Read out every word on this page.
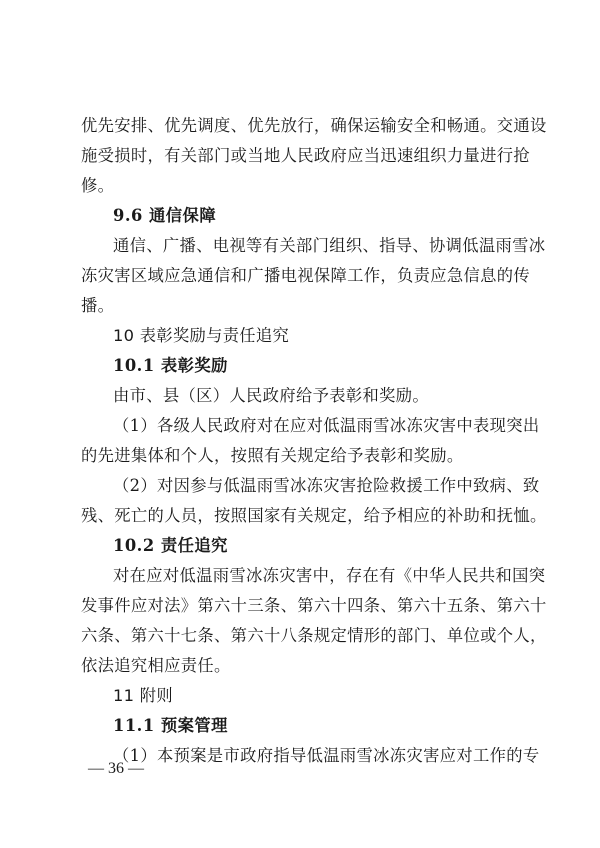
优先安排、优先调度、优先放行，确保运输安全和畅通。交通设
施受损时，有关部门或当地人民政府应当迅速组织力量进行抢
修。
9.6 通信保障
通信、广播、电视等有关部门组织、指导、协调低温雨雪冰
冻灾害区域应急通信和广播电视保障工作，负责应急信息的传
播。
10 表彰奖励与责任追究
10.1 表彰奖励
由市、县（区）人民政府给予表彰和奖励。
（1）各级人民政府对在应对低温雨雪冰冻灾害中表现突出
的先进集体和个人，按照有关规定给予表彰和奖励。
（2）对因参与低温雨雪冰冻灾害抢险救援工作中致病、致
残、死亡的人员，按照国家有关规定，给予相应的补助和抚恤。
10.2 责任追究
对在应对低温雨雪冰冻灾害中，存在有《中华人民共和国突
发事件应对法》第六十三条、第六十四条、第六十五条、第六十
六条、第六十七条、第六十八条规定情形的部门、单位或个人，
依法追究相应责任。
11 附则
11.1 预案管理
（1）本预案是市政府指导低温雨雪冰冻灾害应对工作的专
— 36 —
